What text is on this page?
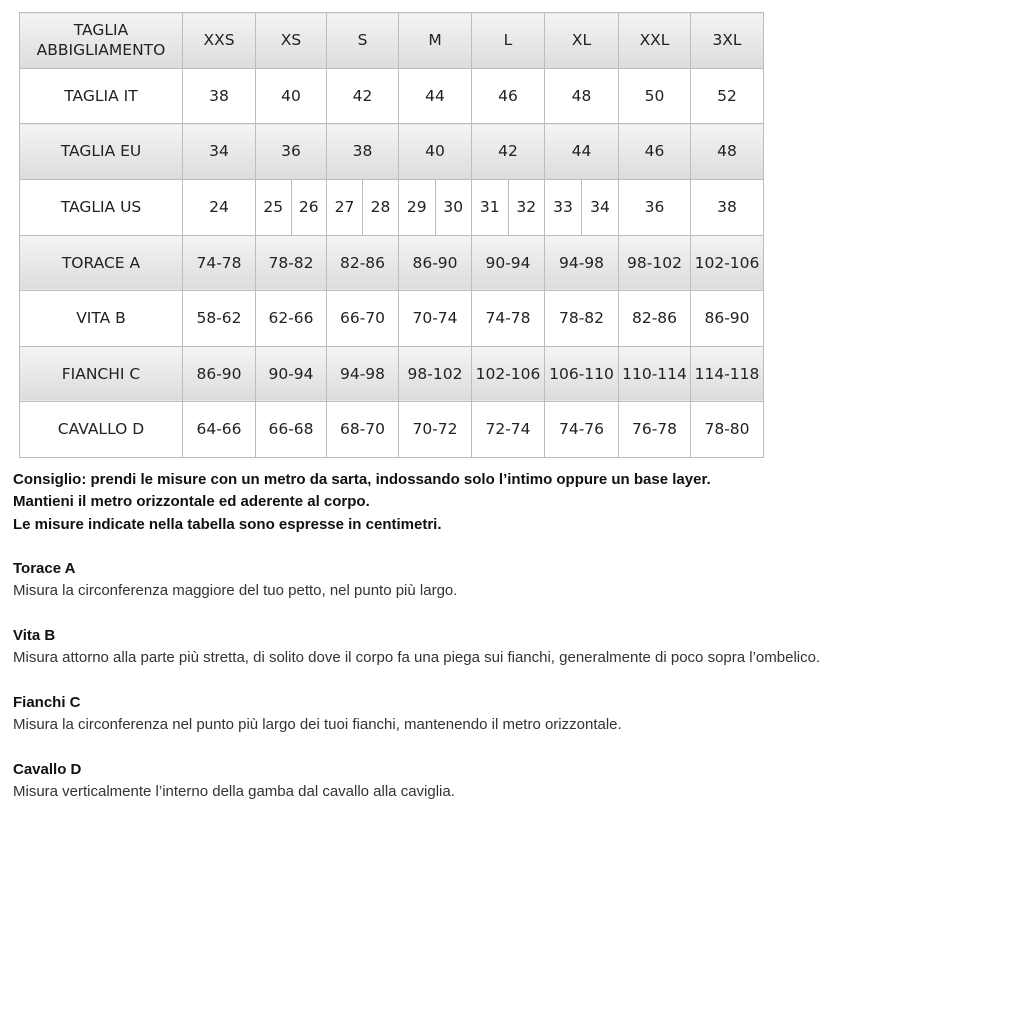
TAGLIA
ABBIGLIAMENTO	XXS	XS	S	M	L	XL	XXL	3XL
TAGLIA IT	38	40	42	44	46	48	50	52
TAGLIA EU	34	36	38	40	42	44	46	48
TAGLIA US	24	25 26	27 28	29 30	31 32	33 34	36	38
TORACE A	74-78	78-82	82-86	86-90	90-94	94-98	98-102	102-106
VITA B	58-62	62-66	66-70	70-74	74-78	78-82	82-86	86-90
FIANCHI C	86-90	90-94	94-98	98-102	102-106	106-110	110-114	114-118
CAVALLO D	64-66	66-68	68-70	70-72	72-74	74-76	76-78	78-80
Consiglio: prendi le misure con un metro da sarta, indossando solo l’intimo oppure un base layer.
Mantieni il metro orizzontale ed aderente al corpo.
Le misure indicate nella tabella sono espresse in centimetri.
Torace A
Misura la circonferenza maggiore del tuo petto, nel punto più largo.
Vita B
Misura attorno alla parte più stretta, di solito dove il corpo fa una piega sui fianchi, generalmente di poco sopra l’ombelico.
Fianchi C
Misura la circonferenza nel punto più largo dei tuoi fianchi, mantenendo il metro orizzontale.
Cavallo D
Misura verticalmente l’interno della gamba dal cavallo alla caviglia.
